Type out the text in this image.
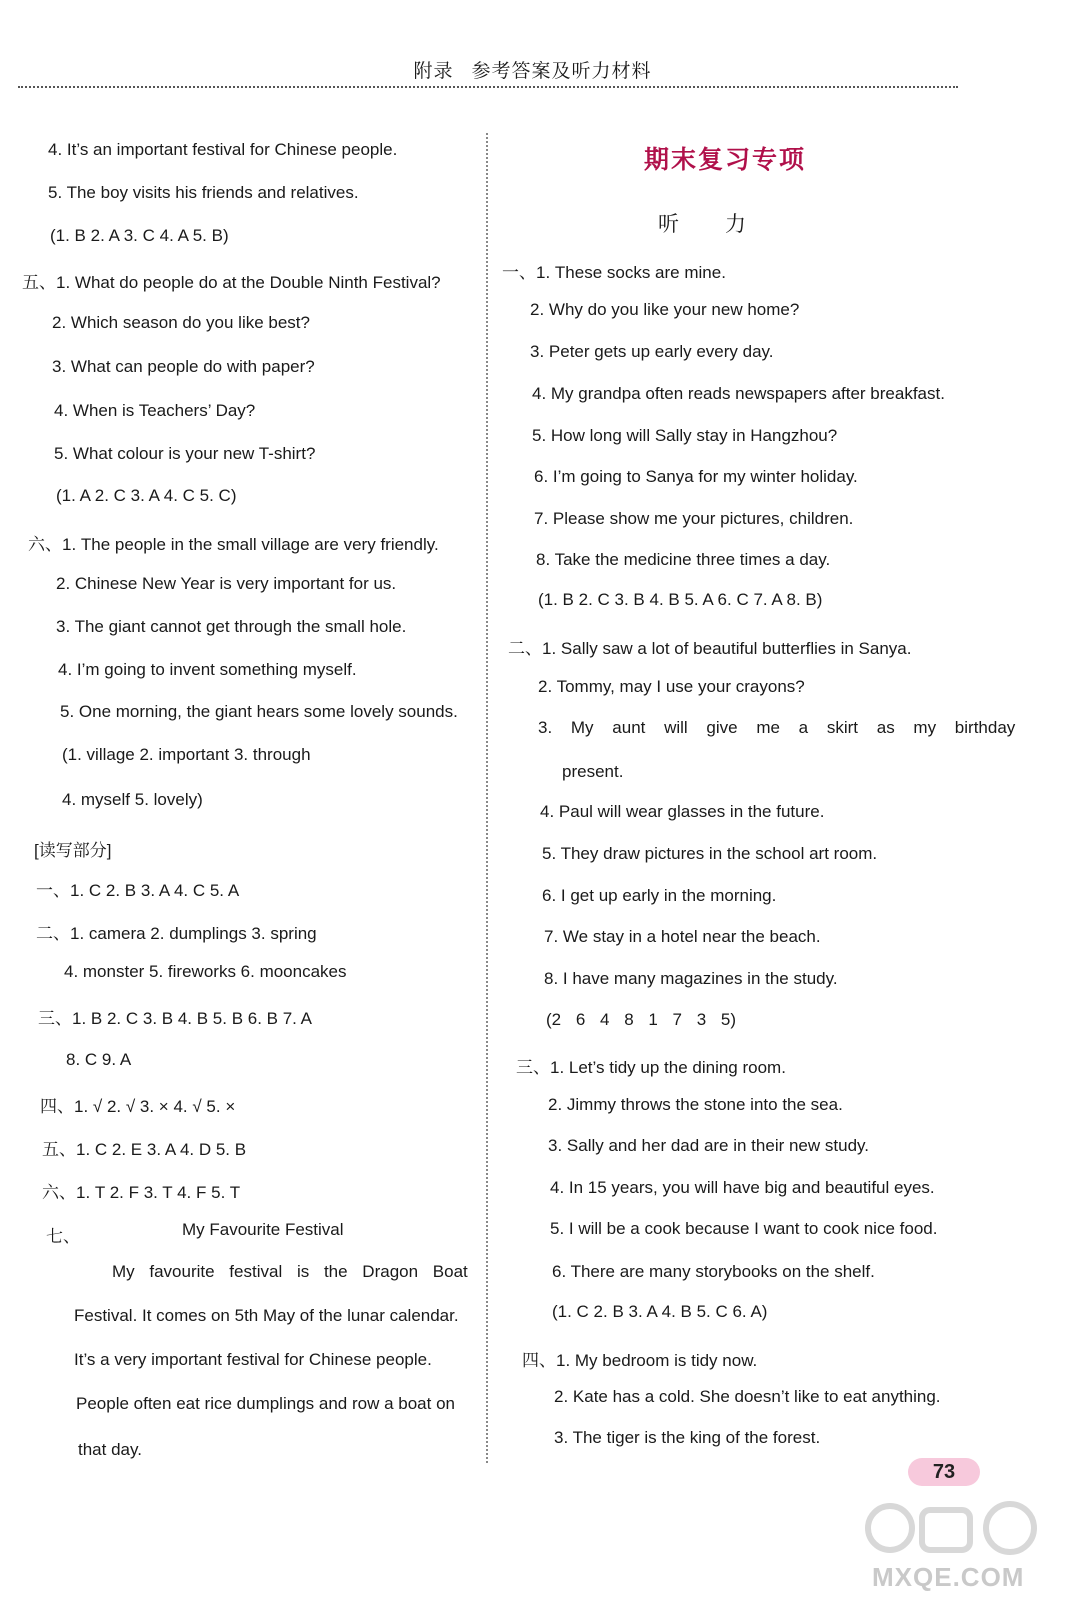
附录 参考答案及听力材料
4. It’s an important festival for Chinese people.
5. The boy visits his friends and relatives.
(1. B 2. A 3. C 4. A 5. B)
五、1. What do people do at the Double Ninth Festival?
2. Which season do you like best?
3. What can people do with paper?
4. When is Teachers’ Day?
5. What colour is your new T-shirt?
(1. A 2. C 3. A 4. C 5. C)
六、1. The people in the small village are very friendly.
2. Chinese New Year is very important for us.
3. The giant cannot get through the small hole.
4. I’m going to invent something myself.
5. One morning, the giant hears some lovely sounds.
(1. village 2. important 3. through
4. myself 5. lovely)
[读写部分]
一、1. C 2. B 3. A 4. C 5. A
二、1. camera 2. dumplings 3. spring
4. monster 5. fireworks 6. mooncakes
三、1. B 2. C 3. B 4. B 5. B 6. B 7. A
8. C 9. A
四、1. √ 2. √ 3. × 4. √ 5. ×
五、1. C 2. E 3. A 4. D 5. B
六、1. T 2. F 3. T 4. F 5. T
七、	My Favourite Festival
My favourite festival is the Dragon Boat
Festival. It comes on 5th May of the lunar calendar.
It’s a very important festival for Chinese people.
People often eat rice dumplings and row a boat on
that day.
期末复习专项
听力
一、1. These socks are mine.
2. Why do you like your new home?
3. Peter gets up early every day.
4. My grandpa often reads newspapers after breakfast.
5. How long will Sally stay in Hangzhou?
6. I’m going to Sanya for my winter holiday.
7. Please show me your pictures, children.
8. Take the medicine three times a day.
(1. B 2. C 3. B 4. B 5. A 6. C 7. A 8. B)
二、1. Sally saw a lot of beautiful butterflies in Sanya.
2. Tommy, may I use your crayons?
3. My aunt will give me a skirt as my birthday
present.
4. Paul will wear glasses in the future.
5. They draw pictures in the school art room.
6. I get up early in the morning.
7. We stay in a hotel near the beach.
8. I have many magazines in the study.
(2 6 4 8 1 7 3 5)
三、1. Let’s tidy up the dining room.
2. Jimmy throws the stone into the sea.
3. Sally and her dad are in their new study.
4. In 15 years, you will have big and beautiful eyes.
5. I will be a cook because I want to cook nice food.
6. There are many storybooks on the shelf.
(1. C 2. B 3. A 4. B 5. C 6. A)
四、1. My bedroom is tidy now.
2. Kate has a cold. She doesn’t like to eat anything.
3. The tiger is the king of the forest.
73
MXQE.COM
